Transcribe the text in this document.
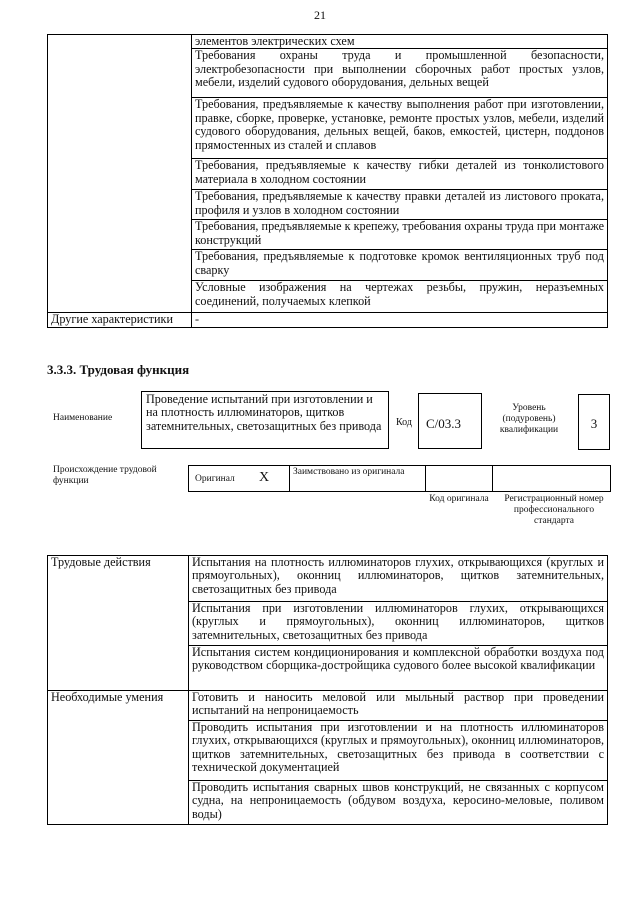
21
	элементов электрических схем
	Требования охраны труда и промышленной безопасности, электробезопасности при выполнении сборочных работ простых узлов, мебели, изделий судового оборудования, дельных вещей
	Требования, предъявляемые к качеству выполнения работ при изготовлении, правке, сборке, проверке, установке, ремонте простых узлов, мебели, изделий судового оборудования, дельных вещей, баков, емкостей, цистерн, поддонов прямостенных из сталей и сплавов
	Требования, предъявляемые к качеству гибки деталей из тонколистового материала в холодном состоянии
	Требования, предъявляемые к качеству правки деталей из листового проката, профиля и узлов в холодном состоянии
	Требования, предъявляемые к крепежу, требования охраны труда при монтаже конструкций
	Требования, предъявляемые к подготовке кромок вентиляционных труб под сварку
	Условные изображения на чертежах резьбы, пружин, неразъемных соединений, получаемых клепкой
Другие характеристики	-
3.3.3. Трудовая функция
Наименование
Проведение испытаний при изготовлении и на плотность иллюминаторов, щитков затемнительных, светозащитных без привода	Код	C/03.3
Уровень (подуровень) квалификации	3
Происхождение трудовой функции	Оригинал X	Заимствовано из оригинала
Код оригинала	Регистрационный номер профессионального стандарта
Трудовые действия	Испытания на плотность иллюминаторов глухих, открывающихся (круглых и прямоугольных), оконниц иллюминаторов, щитков затемнительных, светозащитных без привода
	Испытания при изготовлении иллюминаторов глухих, открывающихся (круглых и прямоугольных), оконниц иллюминаторов, щитков затемнительных, светозащитных без привода
	Испытания систем кондиционирования и комплексной обработки воздуха под руководством сборщика-достройщика судового более высокой квалификации
Необходимые умения	Готовить и наносить меловой или мыльный раствор при проведении испытаний на непроницаемость
	Проводить испытания при изготовлении и на плотность иллюминаторов глухих, открывающихся (круглых и прямоугольных), оконниц иллюминаторов, щитков затемнительных, светозащитных без привода в соответствии с технической документацией
	Проводить испытания сварных швов конструкций, не связанных с корпусом судна, на непроницаемость (обдувом воздуха, керосино-меловые, поливом воды)
